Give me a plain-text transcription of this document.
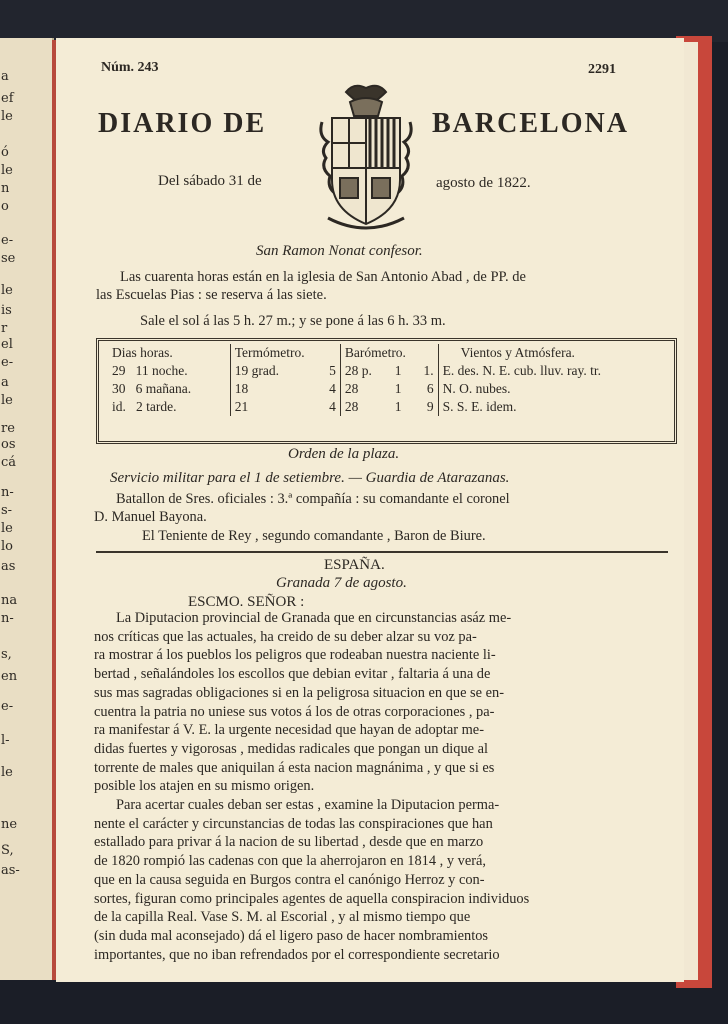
a
ef
le
ó
le
n
o
e-
se
le
is
r
el
e-
a
le
re
os
cá
n-
s-
le
lo
as
na
n-
s,
en
e-
l-
le
ne
S,
as-
Núm. 243	2291
DIARIO DE	BARCELONA
Del sábado 31 de	agosto de 1822.
San Ramon Nonat confesor.
Las cuarenta horas están en la iglesia de San Antonio Abad , de PP. de
las Escuelas Pias : se reserva á las siete.
Sale el sol á las 5 h. 27 m.; y se pone á las 6 h. 33 m.
Dias horas.	Termómetro.		Barómetro.			Vientos y Atmósfera.
29 11 noche.	19 grad.	5	28 p.	1	1.	E. des. N. E. cub. lluv. ray. tr.
30 6 mañana.	18	4	28	1	6	N. O. nubes.
id. 2 tarde.	21	4	28	1	9	S. S. E. idem.
Orden de la plaza.
Servicio militar para el 1 de setiembre. — Guardia de Atarazanas.
Batallon de Sres. oficiales : 3.ª compañía : su comandante el coronel
D. Manuel Bayona.
El Teniente de Rey , segundo comandante , Baron de Biure.
ESPAÑA.
Granada 7 de agosto.
ESCMO. SEÑOR :
La Diputacion provincial de Granada que en circunstancias asáz me-
nos críticas que las actuales, ha creido de su deber alzar su voz pa-
ra mostrar á los pueblos los peligros que rodeaban nuestra naciente li-
bertad , señalándoles los escollos que debian evitar , faltaria á una de
sus mas sagradas obligaciones si en la peligrosa situacion en que se en-
cuentra la patria no uniese sus votos á los de otras corporaciones , pa-
ra manifestar á V. E. la urgente necesidad que hayan de adoptar me-
didas fuertes y vigorosas , medidas radicales que pongan un dique al
torrente de males que aniquilan á esta nacion magnánima , y que si es
posible los atajen en su mismo origen.
Para acertar cuales deban ser estas , examine la Diputacion perma-
nente el carácter y circunstancias de todas las conspiraciones que han
estallado para privar á la nacion de su libertad , desde que en marzo
de 1820 rompió las cadenas con que la aherrojaron en 1814 , y verá,
que en la causa seguida en Burgos contra el canónigo Herroz y con-
sortes, figuran como principales agentes de aquella conspiracion individuos
de la capilla Real. Vase S. M. al Escorial , y al mismo tiempo que
(sin duda mal aconsejado) dá el ligero paso de hacer nombramientos
importantes, que no iban refrendados por el correspondiente secretario
